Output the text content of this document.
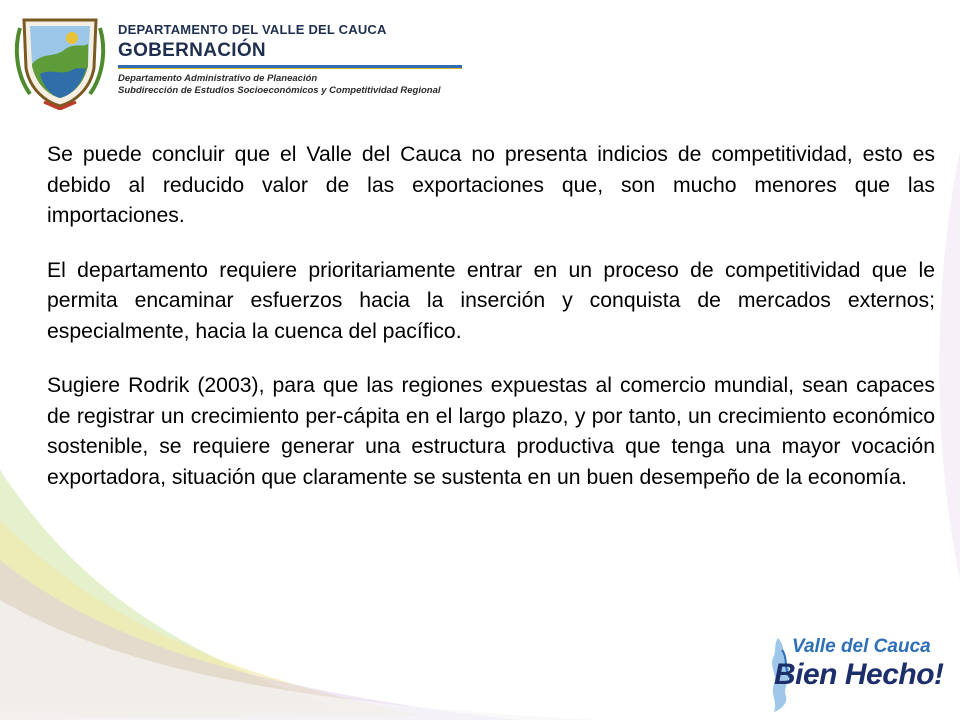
DEPARTAMENTO DEL VALLE DEL CAUCA
GOBERNACIÓN
Departamento Administrativo de Planeación
Subdirección de Estudios Socioeconómicos y Competitividad Regional

Se puede concluir que el Valle del Cauca no presenta indicios de competitividad, esto es debido al reducido valor de las exportaciones que, son mucho menores que las importaciones.

El departamento requiere prioritariamente entrar en un proceso de competitividad que le permita encaminar esfuerzos hacia la inserción y conquista de mercados externos; especialmente, hacia la cuenca del pacífico.

Sugiere Rodrik (2003), para que las regiones expuestas al comercio mundial, sean capaces de registrar un crecimiento per-cápita en el largo plazo, y por tanto, un crecimiento económico sostenible, se requiere generar una estructura productiva que tenga una mayor vocación exportadora, situación que claramente se sustenta en un buen desempeño de la economía.

Valle del Cauca
Bien Hecho!
